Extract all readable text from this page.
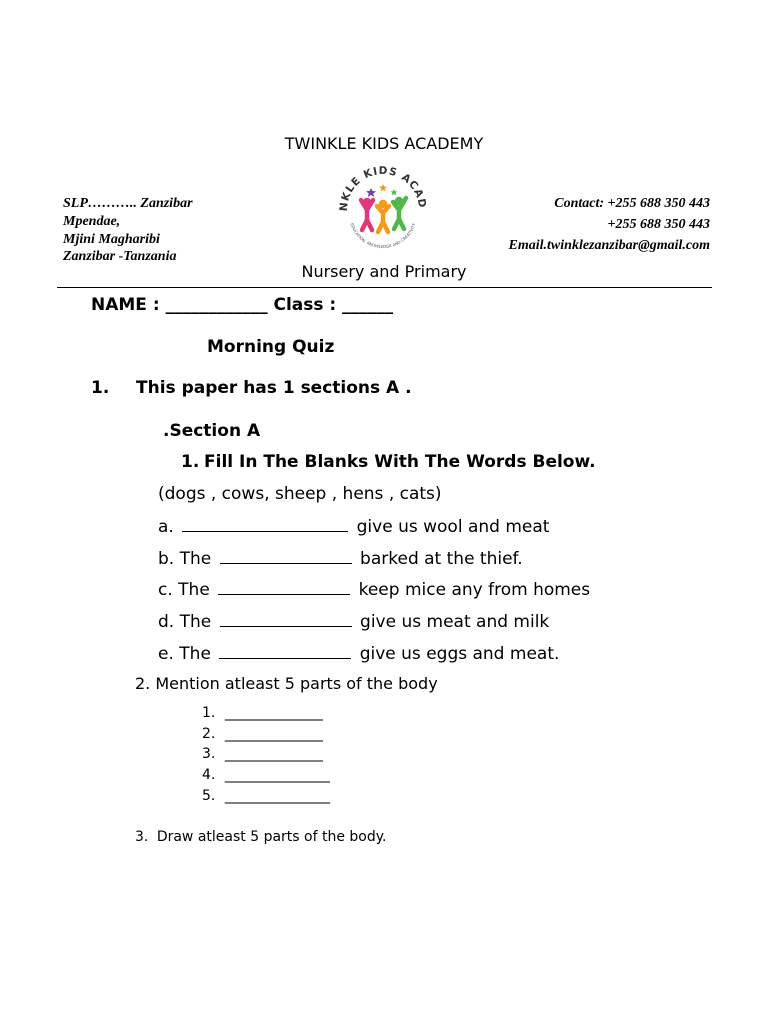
TWINKLE KIDS ACADEMY
SLP……….. Zanzibar
Mpendae,
Mjini Magharibi
Zanzibar -Tanzania
Contact: +255 688 350 443
+255 688 350 443
Email.twinklezanzibar@gmail.com
NKLE KIDS ACAD
EDUCATION, KNOWLEDGE AND CREATIVITY
Nursery and Primary
NAME : ____________ Class : ______
Morning Quiz
1. This paper has 1 sections A .
.Section A
1. Fill In The Blanks With The Words Below.
(dogs , cows, sheep , hens , cats)
a.	give us wool and meat
b. The	barked at the thief.
c. The	keep mice any from homes
d. The	give us meat and milk
e. The	give us eggs and meat.
2. Mention atleast 5 parts of the body
1. ______________
2. ______________
3. ______________
4. _______________
5. _______________
3. Draw atleast 5 parts of the body.
